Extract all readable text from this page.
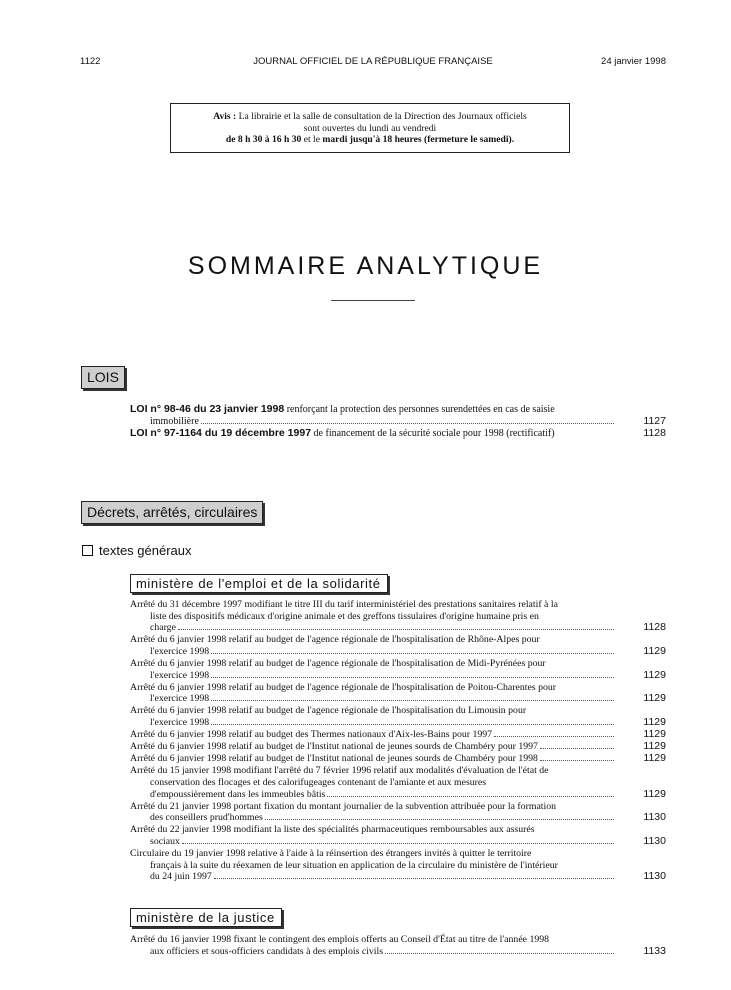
1122	JOURNAL OFFICIEL DE LA RÉPUBLIQUE FRANÇAISE	24 janvier 1998
Avis : La librairie et la salle de consultation de la Direction des Journaux officiels
sont ouvertes du lundi au vendredi
de 8 h 30 à 16 h 30 et le mardi jusqu'à 18 heures (fermeture le samedi).
SOMMAIRE ANALYTIQUE
LOIS
LOI n° 98-46 du 23 janvier 1998 renforçant la protection des personnes surendettées en cas de saisie
immobilière	1127
LOI n° 97-1164 du 19 décembre 1997 de financement de la sécurité sociale pour 1998 (rectificatif)	1128
Décrets, arrêtés, circulaires
textes généraux
ministère de l'emploi et de la solidarité
Arrêté du 31 décembre 1997 modifiant le titre III du tarif interministériel des prestations sanitaires relatif à la
liste des dispositifs médicaux d'origine animale et des greffons tissulaires d'origine humaine pris en
charge	1128
Arrêté du 6 janvier 1998 relatif au budget de l'agence régionale de l'hospitalisation de Rhône-Alpes pour
l'exercice 1998	1129
Arrêté du 6 janvier 1998 relatif au budget de l'agence régionale de l'hospitalisation de Midi-Pyrénées pour
l'exercice 1998	1129
Arrêté du 6 janvier 1998 relatif au budget de l'agence régionale de l'hospitalisation de Poitou-Charentes pour
l'exercice 1998	1129
Arrêté du 6 janvier 1998 relatif au budget de l'agence régionale de l'hospitalisation du Limousin pour
l'exercice 1998	1129
Arrêté du 6 janvier 1998 relatif au budget des Thermes nationaux d'Aix-les-Bains pour 1997	1129
Arrêté du 6 janvier 1998 relatif au budget de l'Institut national de jeunes sourds de Chambéry pour 1997	1129
Arrêté du 6 janvier 1998 relatif au budget de l'Institut national de jeunes sourds de Chambéry pour 1998	1129
Arrêté du 15 janvier 1998 modifiant l'arrêté du 7 février 1996 relatif aux modalités d'évaluation de l'état de
conservation des flocages et des calorifugeages contenant de l'amiante et aux mesures
d'empoussièrement dans les immeubles bâtis	1129
Arrêté du 21 janvier 1998 portant fixation du montant journalier de la subvention attribuée pour la formation
des conseillers prud'hommes	1130
Arrêté du 22 janvier 1998 modifiant la liste des spécialités pharmaceutiques remboursables aux assurés
sociaux	1130
Circulaire du 19 janvier 1998 relative à l'aide à la réinsertion des étrangers invités à quitter le territoire
français à la suite du réexamen de leur situation en application de la circulaire du ministère de l'intérieur
du 24 juin 1997	1130
ministère de la justice
Arrêté du 16 janvier 1998 fixant le contingent des emplois offerts au Conseil d'État au titre de l'année 1998
aux officiers et sous-officiers candidats à des emplois civils	1133
